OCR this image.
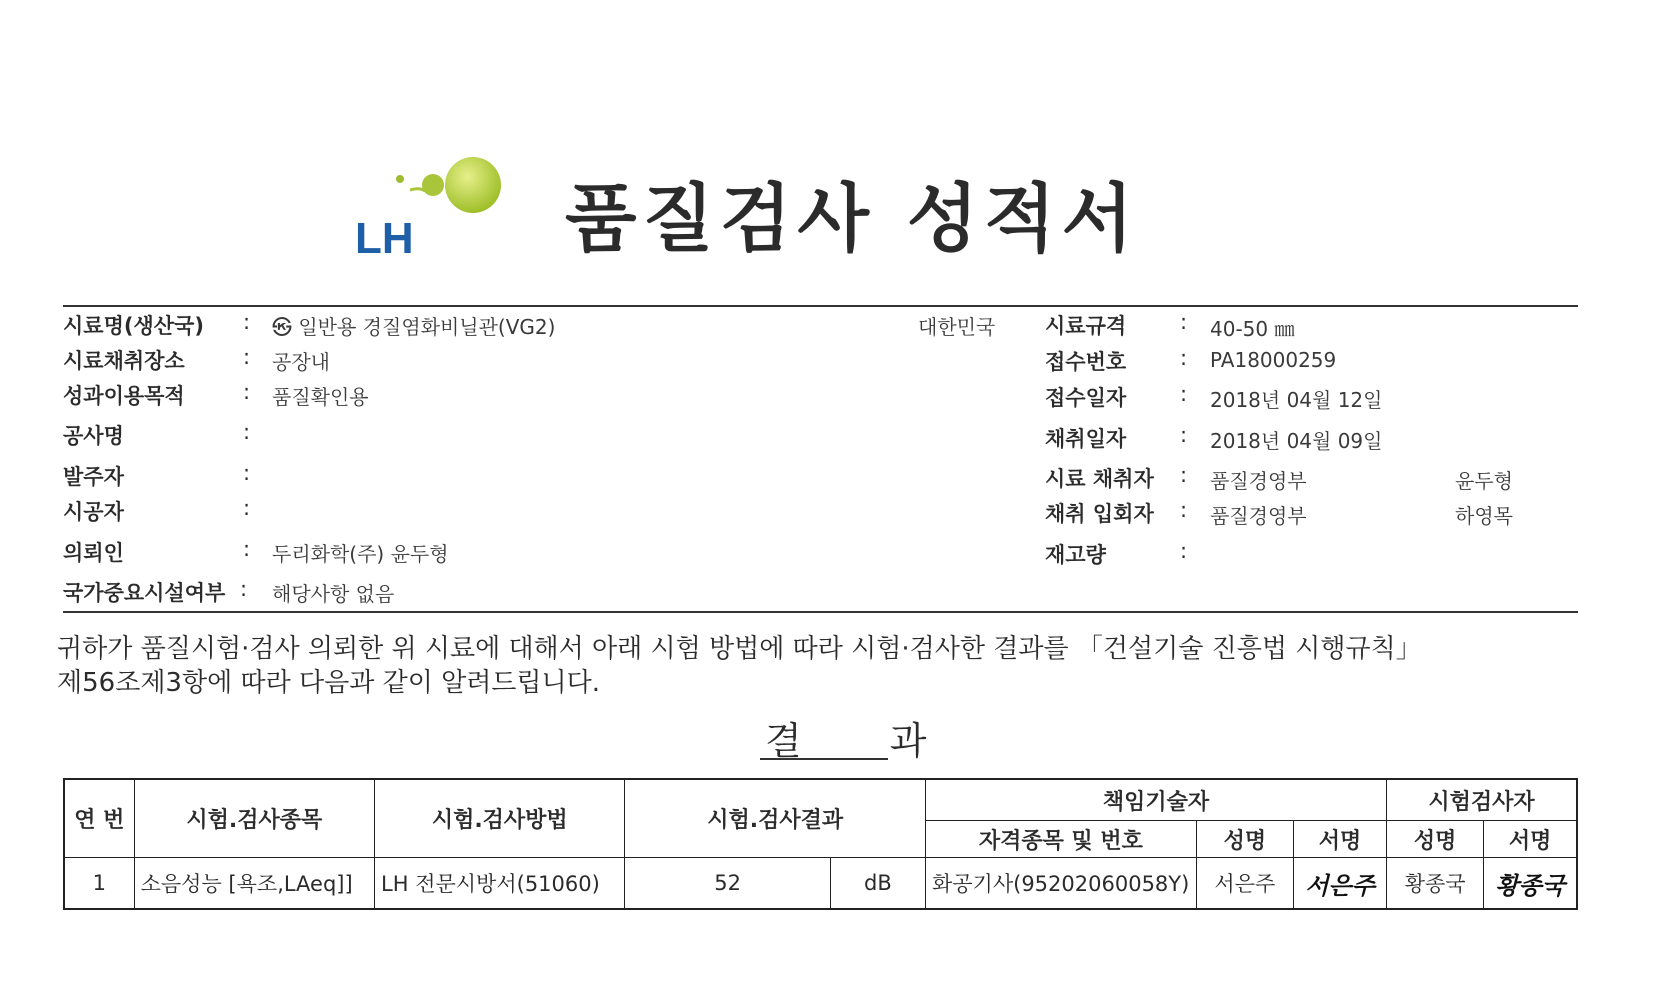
LH 품질검사 성적서
시료명(생산국) : ㉿ 일반용 경질염화비닐관(VG2)	대한민국
시료채취장소	: 공장내
성과이용목적	: 품질확인용
공사명	:
발주자	:
시공자	:
의뢰인	: 두리화학(주) 윤두형
국가중요시설여부 : 해당사항 없음
시료규격	: 40-50 ㎜
접수번호	: PA18000259
접수일자	: 2018년 04월 12일
채취일자	: 2018년 04월 09일
시료 채취자 : 품질경영부	윤두형
채취 입회자 : 품질경영부	하영목
재고량	:
귀하가 품질시험·검사 의뢰한 위 시료에 대해서 아래 시험 방법에 따라 시험·검사한 결과를 「건설기술 진흥법 시행규칙」
제56조제3항에 따라 다음과 같이 알려드립니다.
결 과
연 번	시험.검사종목	시험.검사방법	시험.검사결과		책임기술자			시험검사자	
					자격종목 및 번호	성명	서명	성명	서명
1	소음성능 [욕조,LAeq]]	LH 전문시방서(51060)	52	dB	화공기사(95202060058Y)	서은주	서은주	황종국	황종국
